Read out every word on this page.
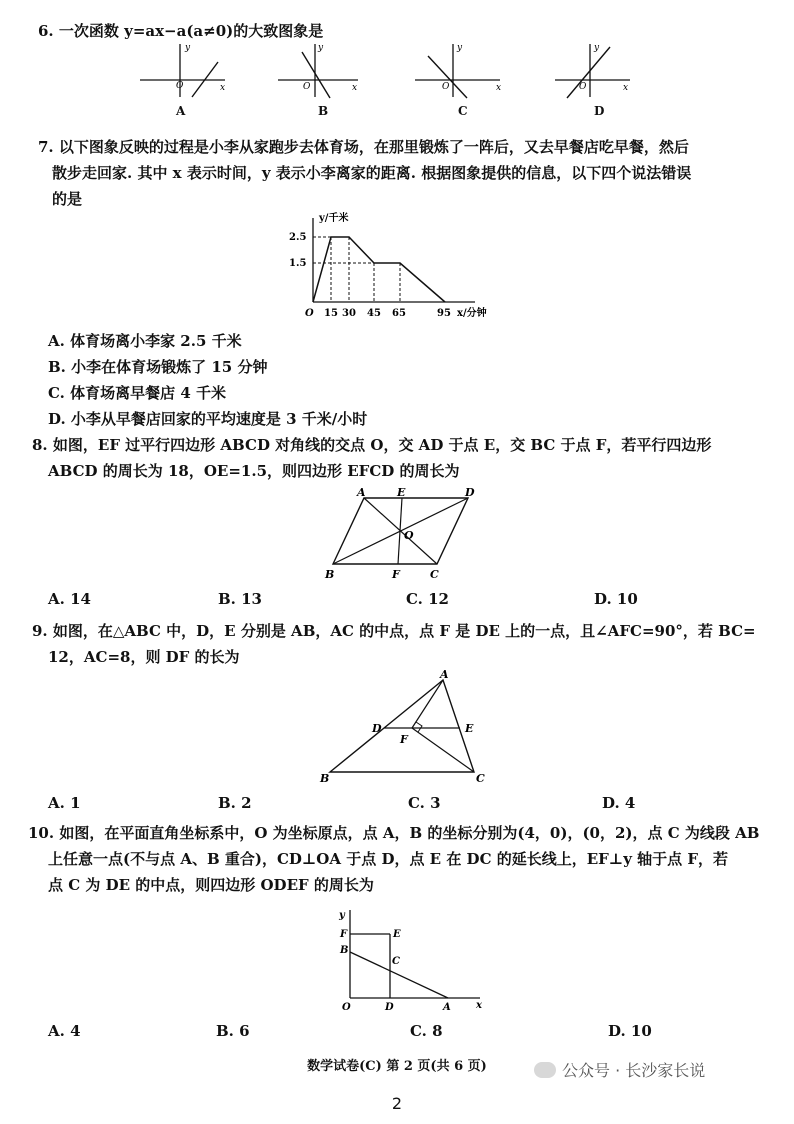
6. 一次函数 y=ax−a(a≠0)的大致图象是
O
y
x	O
y
x	O
y
x	O
y
x
A	B	C	D
7. 以下图象反映的过程是小李从家跑步去体育场，在那里锻炼了一阵后，又去早餐店吃早餐，然后
散步走回家. 其中 x 表示时间，y 表示小李离家的距离. 根据图象提供的信息，以下四个说法错误
的是
y/千米
2.5
1.5
O 15 30 45 65	95 x/分钟
A. 体育场离小李家 2.5 千米
B. 小李在体育场锻炼了 15 分钟
C. 体育场离早餐店 4 千米
D. 小李从早餐店回家的平均速度是 3 千米/小时
8. 如图，EF 过平行四边形 ABCD 对角线的交点 O，交 AD 于点 E，交 BC 于点 F，若平行四边形
ABCD 的周长为 18，OE=1.5，则四边形 EFCD 的周长为
A	E	D
O
B	F	C
A. 14	B. 13	C. 12	D. 10
9. 如图，在△ABC 中，D，E 分别是 AB，AC 的中点，点 F 是 DE 上的一点，且∠AFC=90°，若 BC=
12，AC=8，则 DF 的长为
A
D	E
F
B	C
A. 1	B. 2	C. 3	D. 4
10. 如图，在平面直角坐标系中，O 为坐标原点，点 A，B 的坐标分别为(4，0)，(0，2)，点 C 为线段 AB
上任意一点(不与点 A、B 重合)，CD⊥OA 于点 D，点 E 在 DC 的延长线上，EF⊥y 轴于点 F，若
点 C 为 DE 的中点，则四边形 ODEF 的周长为
y
F	E
B
C
O	D	A	x
A. 4	B. 6	C. 8	D. 10
数学试卷(C) 第 2 页(共 6 页)	公众号 · 长沙家长说
2
